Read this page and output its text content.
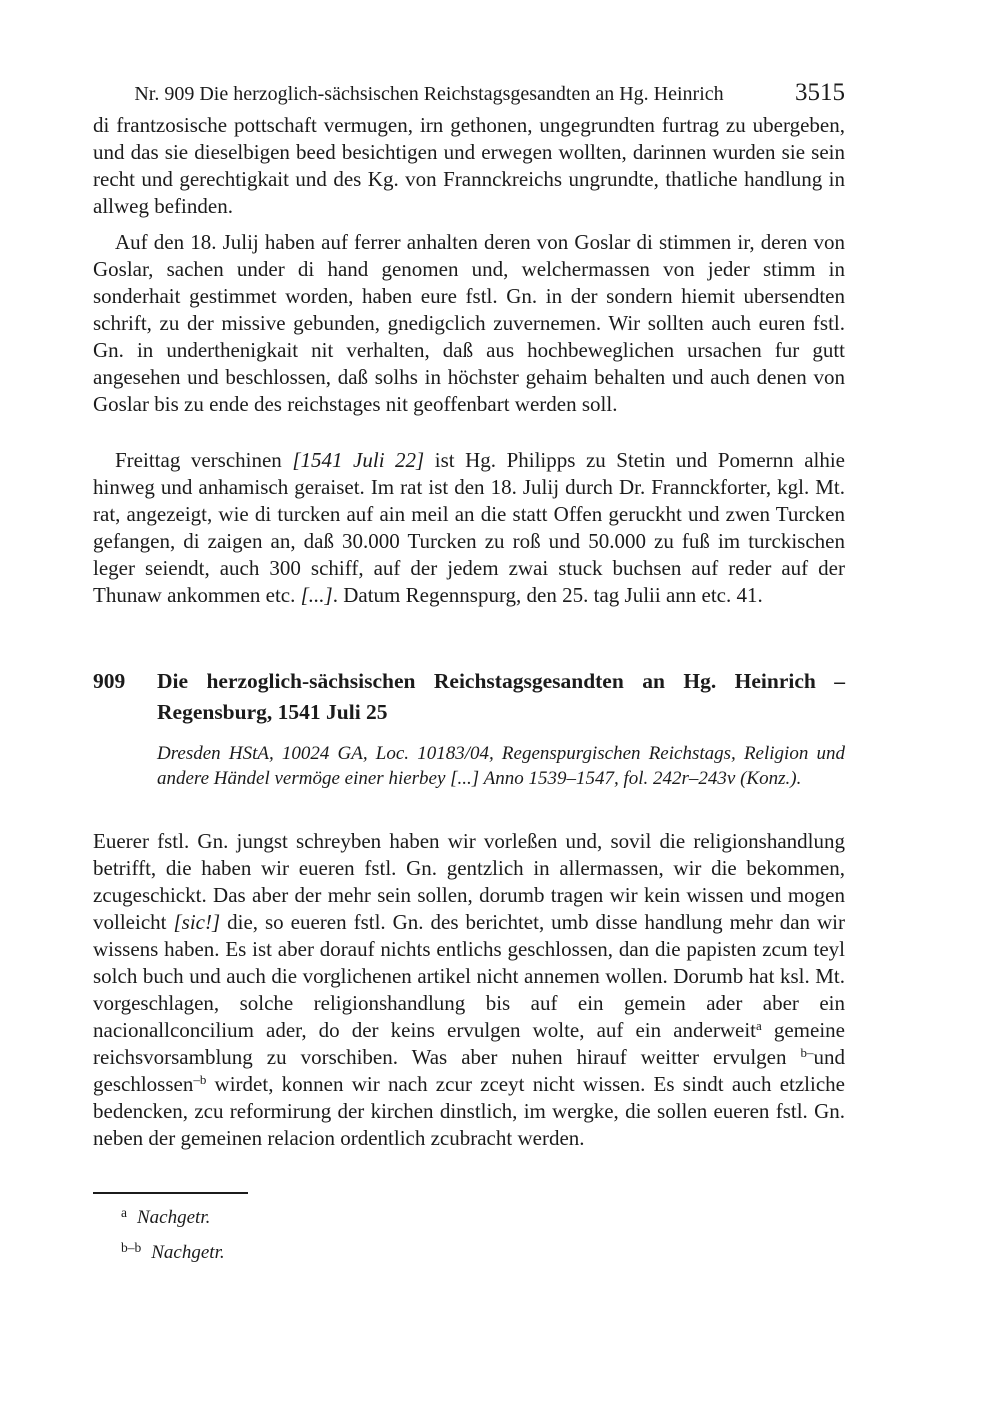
Nr. 909 Die herzoglich-sächsischen Reichstagsgesandten an Hg. Heinrich	3515

di frantzosische pottschaft vermugen, irn gethonen, ungegrundten furtrag zu ubergeben, und das sie dieselbigen beed besichtigen und erwegen wollten, darinnen wurden sie sein recht und gerechtigkait und des Kg. von Frannckreichs ungrundte, thatliche handlung in allweg befinden.

Auf den 18. Julij haben auf ferrer anhalten deren von Goslar di stimmen ir, deren von Goslar, sachen under di hand genomen und, welchermassen von jeder stimm in sonderhait gestimmet worden, haben eure fstl. Gn. in der sondern hiemit ubersendten schrift, zu der missive gebunden, gnedigclich zuvernemen. Wir sollten auch euren fstl. Gn. in underthenigkait nit verhalten, daß aus hochbeweglichen ursachen fur gutt angesehen und beschlossen, daß solhs in höchster gehaim behalten und auch denen von Goslar bis zu ende des reichstages nit geoffenbart werden soll.

Freittag verschinen [1541 Juli 22] ist Hg. Philipps zu Stetin und Pomernn alhie hinweg und anhamisch geraiset. Im rat ist den 18. Julij durch Dr. Frannckforter, kgl. Mt. rat, angezeigt, wie di turcken auf ain meil an die statt Offen geruckht und zwen Turcken gefangen, di zaigen an, daß 30.000 Turcken zu roß und 50.000 zu fuß im turckischen leger seiendt, auch 300 schiff, auf der jedem zwai stuck buchsen auf reder auf der Thunaw ankommen etc. [...]. Datum Regennspurg, den 25. tag Julii ann etc. 41.

909	Die herzoglich-sächsischen Reichstagsgesandten an Hg. Heinrich – Regensburg, 1541 Juli 25

Dresden HStA, 10024 GA, Loc. 10183/04, Regenspurgischen Reichstags, Religion und andere Händel vermöge einer hierbey [...] Anno 1539–1547, fol. 242r–243v (Konz.).

Euerer fstl. Gn. jungst schreyben haben wir vorleßen und, sovil die religionshandlung betrifft, die haben wir eueren fstl. Gn. gentzlich in allermassen, wir die bekommen, zcugeschickt. Das aber der mehr sein sollen, dorumb tragen wir kein wissen und mogen volleicht [sic!] die, so eueren fstl. Gn. des berichtet, umb disse handlung mehr dan wir wissens haben. Es ist aber dorauf nichts entlichs geschlossen, dan die papisten zcum teyl solch buch und auch die vorglichenen artikel nicht annemen wollen. Dorumb hat ksl. Mt. vorgeschlagen, solche religionshandlung bis auf ein gemein ader aber ein nacionallconcilium ader, do der keins ervulgen wolte, auf ein anderweit$^a$ gemeine reichsvorsamblung zu vorschiben. Was aber nuhen hirauf weitter ervulgen $^{b-}$und geschlossen$^{-b}$ wirdet, konnen wir nach zcur zceyt nicht wissen. Es sindt auch etzliche bedencken, zcu reformirung der kirchen dinstlich, im wergke, die sollen eueren fstl. Gn. neben der gemeinen relacion ordentlich zcubracht werden.

$^a$ Nachgetr.
$^{b-b}$ Nachgetr.
